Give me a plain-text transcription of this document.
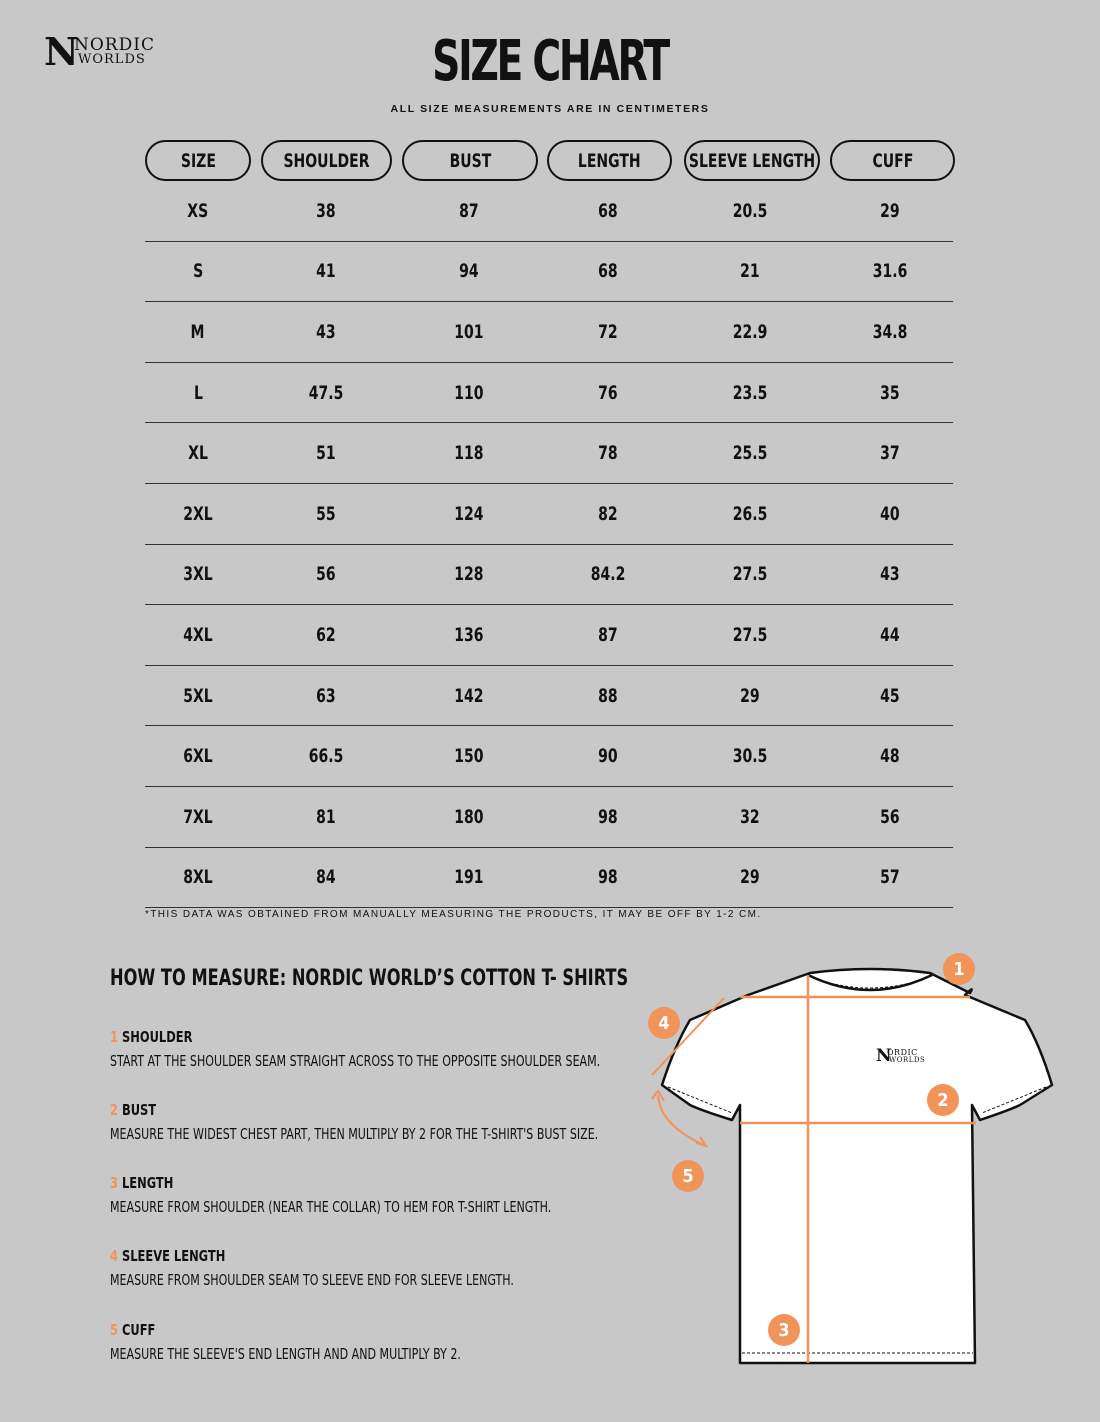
N
NORDIC
WORLDS	SIZE CHART
ALL SIZE MEASUREMENTS ARE IN CENTIMETERS
SIZE	SHOULDER	BUST	LENGTH	SLEEVE LENGTH	CUFF
XS	38	87	68	20.5	29
S	41	94	68	21	31.6
M	43	101	72	22.9	34.8
L	47.5	110	76	23.5	35
XL	51	118	78	25.5	37
2XL	55	124	82	26.5	40
3XL	56	128	84.2	27.5	43
4XL	62	136	87	27.5	44
5XL	63	142	88	29	45
6XL	66.5	150	90	30.5	48
7XL	81	180	98	32	56
8XL	84	191	98	29	57
*THIS DATA WAS OBTAINED FROM MANUALLY MEASURING THE PRODUCTS, IT MAY BE OFF BY 1-2 CM.
HOW TO MEASURE: NORDIC WORLD’S COTTON T- SHIRTS
1 SHOULDER
START AT THE SHOULDER SEAM STRAIGHT ACROSS TO THE OPPOSITE SHOULDER SEAM.
2 BUST
MEASURE THE WIDEST CHEST PART, THEN MULTIPLY BY 2 FOR THE T-SHIRT'S BUST SIZE.
3 LENGTH
MEASURE FROM SHOULDER (NEAR THE COLLAR) TO HEM FOR T-SHIRT LENGTH.
4 SLEEVE LENGTH
MEASURE FROM SHOULDER SEAM TO SLEEVE END FOR SLEEVE LENGTH.
5 CUFF
MEASURE THE SLEEVE'S END LENGTH AND AND MULTIPLY BY 2.
N
ORDIC
WORLDS
1
2
3
4
5
